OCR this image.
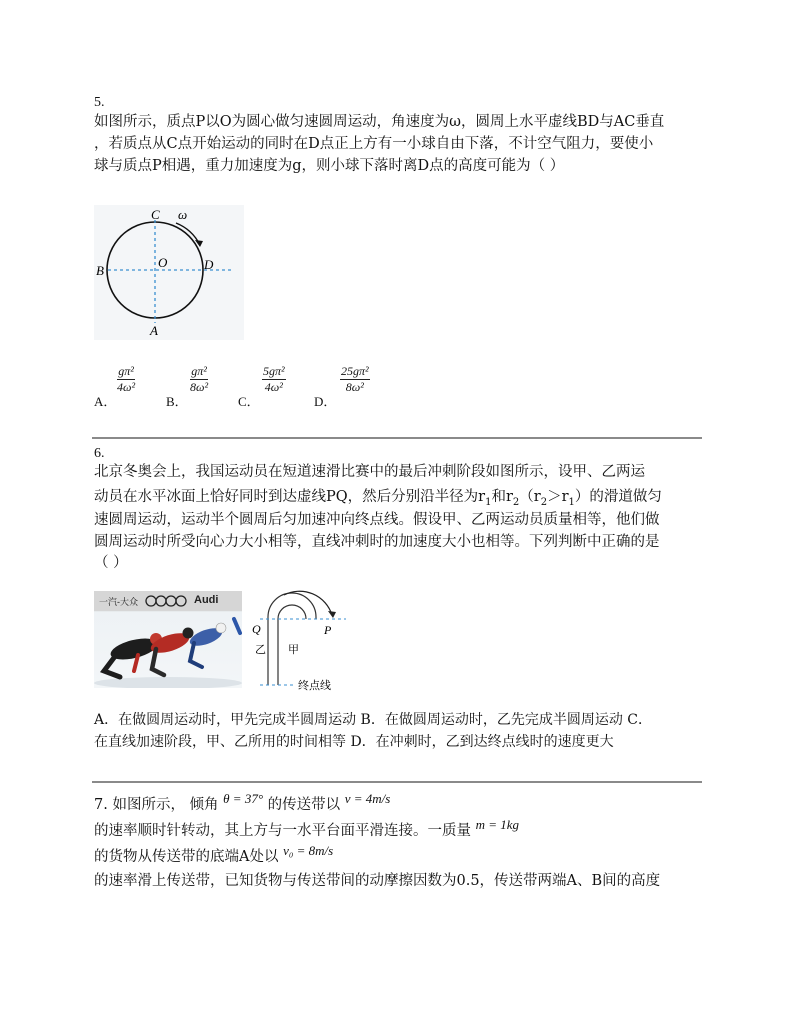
5.
如图所示，质点P以O为圆心做匀速圆周运动，角速度为ω，圆周上水平虚线BD与AC垂直
，若质点从C点开始运动的同时在D点正上方有一小球自由下落，不计空气阻力，要使小
球与质点P相遇，重力加速度为g，则小球下落时离D点的高度可能为（ ）
C ω
O
B	D
A
A．
$\frac{\text{gπ²}}{\text{4ω²}}$
B．
$\frac{\text{gπ²}}{\text{8ω²}}$
C．
$\frac{\text{5gπ²}}{\text{4ω²}}$
D．
$\frac{\text{25gπ²}}{\text{8ω²}}$
6.
北京冬奥会上，我国运动员在短道速滑比赛中的最后冲刺阶段如图所示，设甲、乙两运
动员在水平冰面上恰好同时到达虚线PQ，然后分别沿半径为$r_1$和$r_2(r_2>r_1)$的滑道做匀
速圆周运动，运动半个圆周后匀加速冲向终点线。假设甲、乙两运动员质量相等，他们做
圆周运动时所受向心力大小相等，直线冲刺时的加速度大小也相等。下列判断中正确的是
（ ）
一汽-大众	Audi
Q	P
乙 甲
终点线
A．在做圆周运动时，甲先完成半圆周运动 B．在做圆周运动时，乙先完成半圆周运动 C．
在直线加速阶段，甲、乙所用的时间相等 D．在冲刺时，乙到达终点线时的速度更大
7. 如图所示， 倾角 θ = 37° 的传送带以 v = 4m/s
的速率顺时针转动，其上方与一水平台面平滑连接。一质量 m = 1kg
的货物从传送带的底端A处以 v₀ = 8m/s
的速率滑上传送带，已知货物与传送带间的动摩擦因数为0.5，传送带两端A、B间的高度
